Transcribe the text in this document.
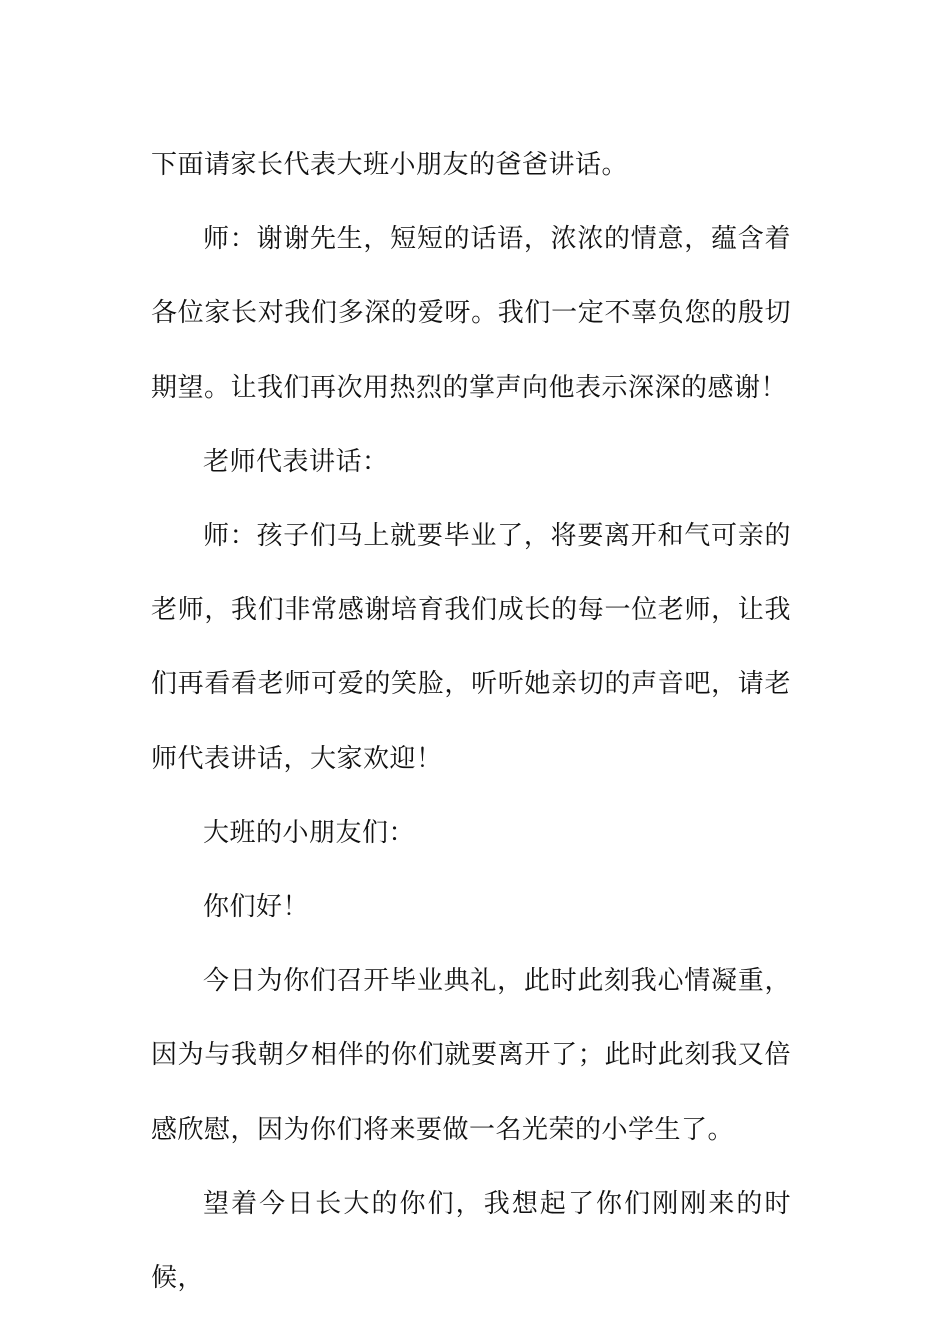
下面请家长代表大班小朋友的爸爸讲话。

师：谢谢先生，短短的话语，浓浓的情意，蕴含着各位家长对我们多深的爱呀。我们一定不辜负您的殷切期望。让我们再次用热烈的掌声向他表示深深的感谢！

老师代表讲话：

师：孩子们马上就要毕业了，将要离开和气可亲的老师，我们非常感谢培育我们成长的每一位老师，让我们再看看老师可爱的笑脸，听听她亲切的声音吧，请老师代表讲话，大家欢迎！

大班的小朋友们：

你们好！

今日为你们召开毕业典礼，此时此刻我心情凝重，因为与我朝夕相伴的你们就要离开了；此时此刻我又倍感欣慰，因为你们将来要做一名光荣的小学生了。

望着今日长大的你们，我想起了你们刚刚来的时候，
